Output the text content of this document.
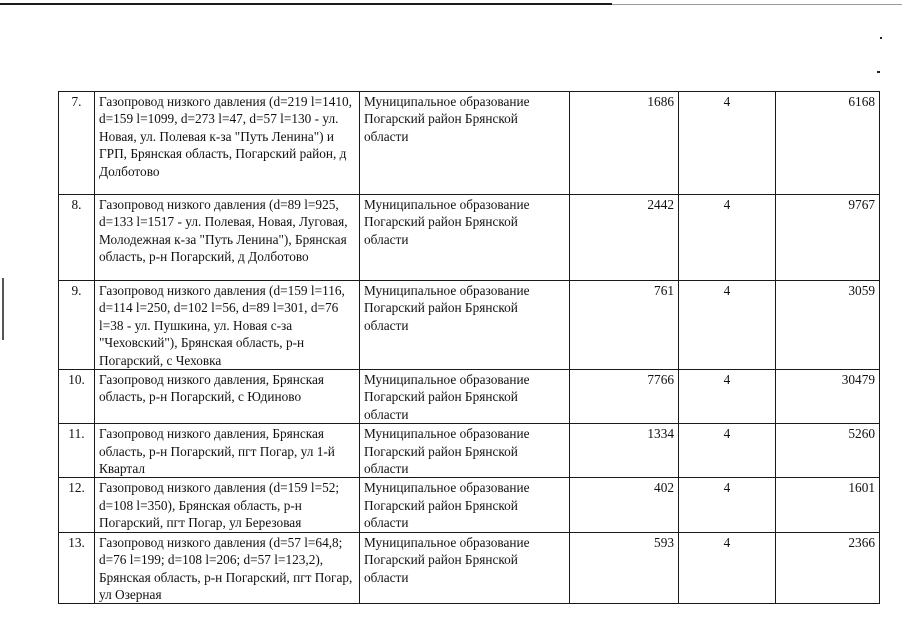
7.	Газопровод низкого давления (d=219 l=1410, d=159 l=1099, d=273 l=47, d=57 l=130 - ул. Новая, ул. Полевая к-за "Путь Ленина") и ГРП, Брянская область, Погарский район, д Долботово	Муниципальное образование Погарский район Брянской области	1686	4	6168
8.	Газопровод низкого давления (d=89 l=925, d=133 l=1517 - ул. Полевая, Новая, Луговая, Молодежная к-за "Путь Ленина"), Брянская область, р-н Погарский, д Долботово	Муниципальное образование Погарский район Брянской области	2442	4	9767
9.	Газопровод низкого давления (d=159 l=116, d=114 l=250, d=102 l=56, d=89 l=301, d=76 l=38 - ул. Пушкина, ул. Новая с-за "Чеховский"), Брянская область, р-н Погарский, с Чеховка	Муниципальное образование Погарский район Брянской области	761	4	3059
10.	Газопровод низкого давления, Брянская область, р-н Погарский, с Юдиново	Муниципальное образование Погарский район Брянской области	7766	4	30479
11.	Газопровод низкого давления, Брянская область, р-н Погарский, пгт Погар, ул 1-й Квартал	Муниципальное образование Погарский район Брянской области	1334	4	5260
12.	Газопровод низкого давления (d=159 l=52; d=108 l=350), Брянская область, р-н Погарский, пгт Погар, ул Березовая	Муниципальное образование Погарский район Брянской области	402	4	1601
13.	Газопровод низкого давления (d=57 l=64,8; d=76 l=199; d=108 l=206; d=57 l=123,2), Брянская область, р-н Погарский, пгт Погар, ул Озерная	Муниципальное образование Погарский район Брянской области	593	4	2366
